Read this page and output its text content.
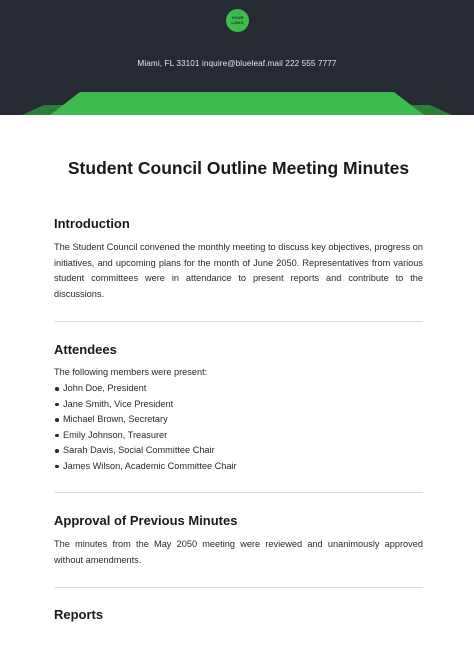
YOUR
LOGO
Miami, FL 33101 inquire@blueleaf.mail 222 555 7777
Student Council Outline Meeting Minutes
Introduction

The Student Council convened the monthly meeting to discuss key objectives, progress on initiatives, and upcoming plans for the month of June 2050. Representatives from various student committees were in attendance to present reports and contribute to the discussions.

Attendees

The following members were present:

John Doe, President
Jane Smith, Vice President
Michael Brown, Secretary
Emily Johnson, Treasurer
Sarah Davis, Social Committee Chair
James Wilson, Academic Committee Chair
Approval of Previous Minutes

The minutes from the May 2050 meeting were reviewed and unanimously approved without amendments.

Reports
